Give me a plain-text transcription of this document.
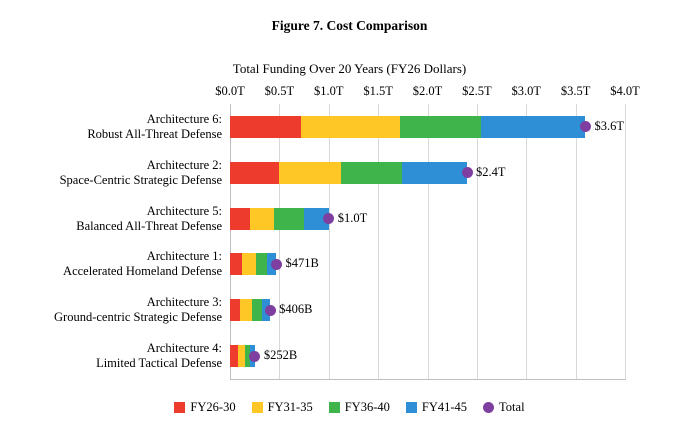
Figure 7. Cost Comparison
Total Funding Over 20 Years (FY26 Dollars)
$0.0T $0.5T $1.0T $1.5T $2.0T $2.5T $3.0T $3.5T $4.0T
$3.6T
$2.4T
$1.0T
$471B
$406B
$252B
Architecture 6:
Robust All-Threat Defense
Architecture 2:
Space-Centric Strategic Defense
Architecture 5:
Balanced All-Threat Defense
Architecture 1:
Accelerated Homeland Defense
Architecture 3:
Ground-centric Strategic Defense
Architecture 4:
Limited Tactical Defense
FY26-30	FY31-35	FY36-40	FY41-45	Total
